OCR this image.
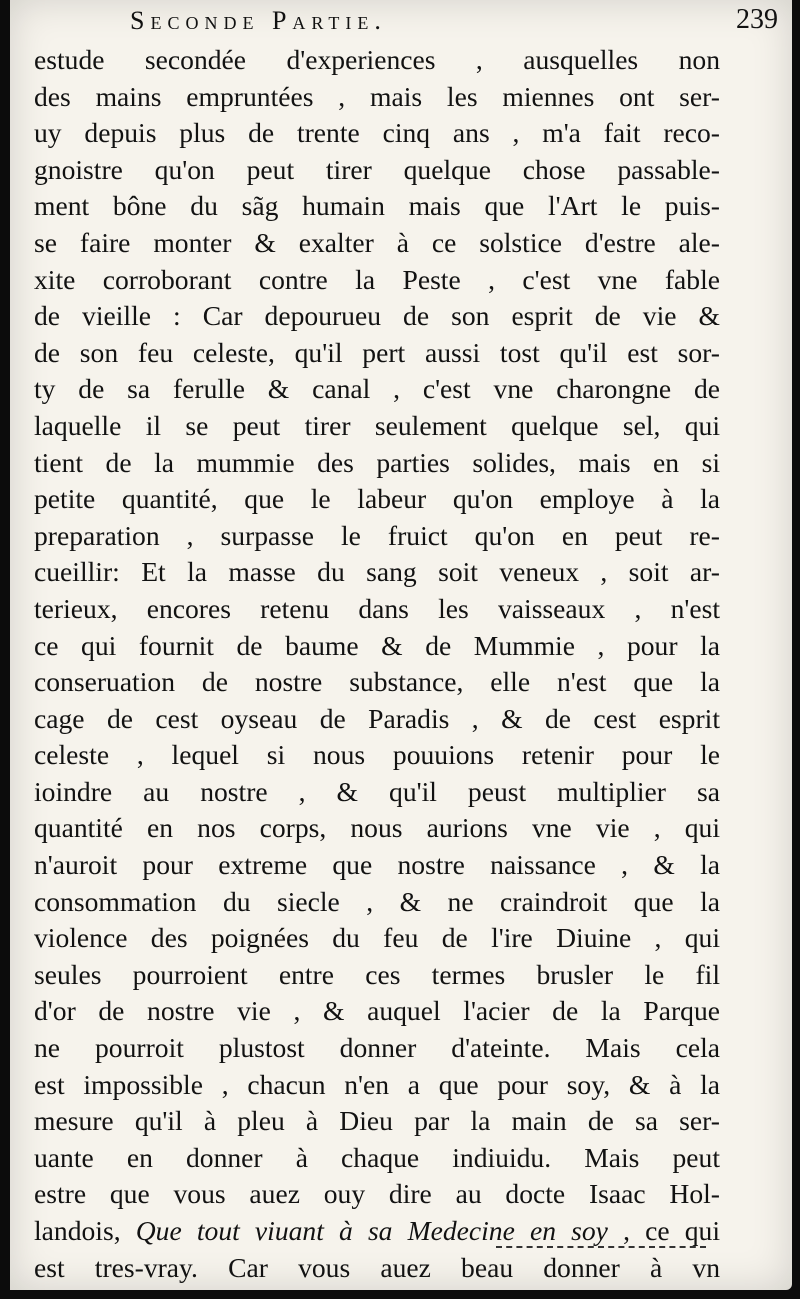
Seconde Partie.	239
estude secondée d'experiences , ausquelles non
des mains empruntées , mais les miennes ont ser-
uy depuis plus de trente cinq ans , m'a fait reco-
gnoistre qu'on peut tirer quelque chose passable-
ment bône du sãg humain mais que l'Art le puis-
se faire monter & exalter à ce solstice d'estre ale-
xite corroborant contre la Peste , c'est vne fable
de vieille : Car depourueu de son esprit de vie &
de son feu celeste, qu'il pert aussi tost qu'il est sor-
ty de sa ferulle & canal , c'est vne charongne de
laquelle il se peut tirer seulement quelque sel, qui
tient de la mummie des parties solides, mais en si
petite quantité, que le labeur qu'on employe à la
preparation , surpasse le fruict qu'on en peut re-
cueillir: Et la masse du sang soit veneux , soit ar-
terieux, encores retenu dans les vaisseaux , n'est
ce qui fournit de baume & de Mummie , pour la
conseruation de nostre substance, elle n'est que la
cage de cest oyseau de Paradis , & de cest esprit
celeste , lequel si nous pouuions retenir pour le
ioindre au nostre , & qu'il peust multiplier sa
quantité en nos corps, nous aurions vne vie , qui
n'auroit pour extreme que nostre naissance , & la
consommation du siecle , & ne craindroit que la
violence des poignées du feu de l'ire Diuine , qui
seules pourroient entre ces termes brusler le fil
d'or de nostre vie , & auquel l'acier de la Parque
ne pourroit plustost donner d'ateinte. Mais cela
est impossible , chacun n'en a que pour soy, & à la
mesure qu'il à pleu à Dieu par la main de sa ser-
uante en donner à chaque indiuidu. Mais peut
estre que vous auez ouy dire au docte Isaac Hol-
landois, Que tout viuant à sa Medecine en soy , ce qui
est tres-vray. Car vous auez beau donner à vn
